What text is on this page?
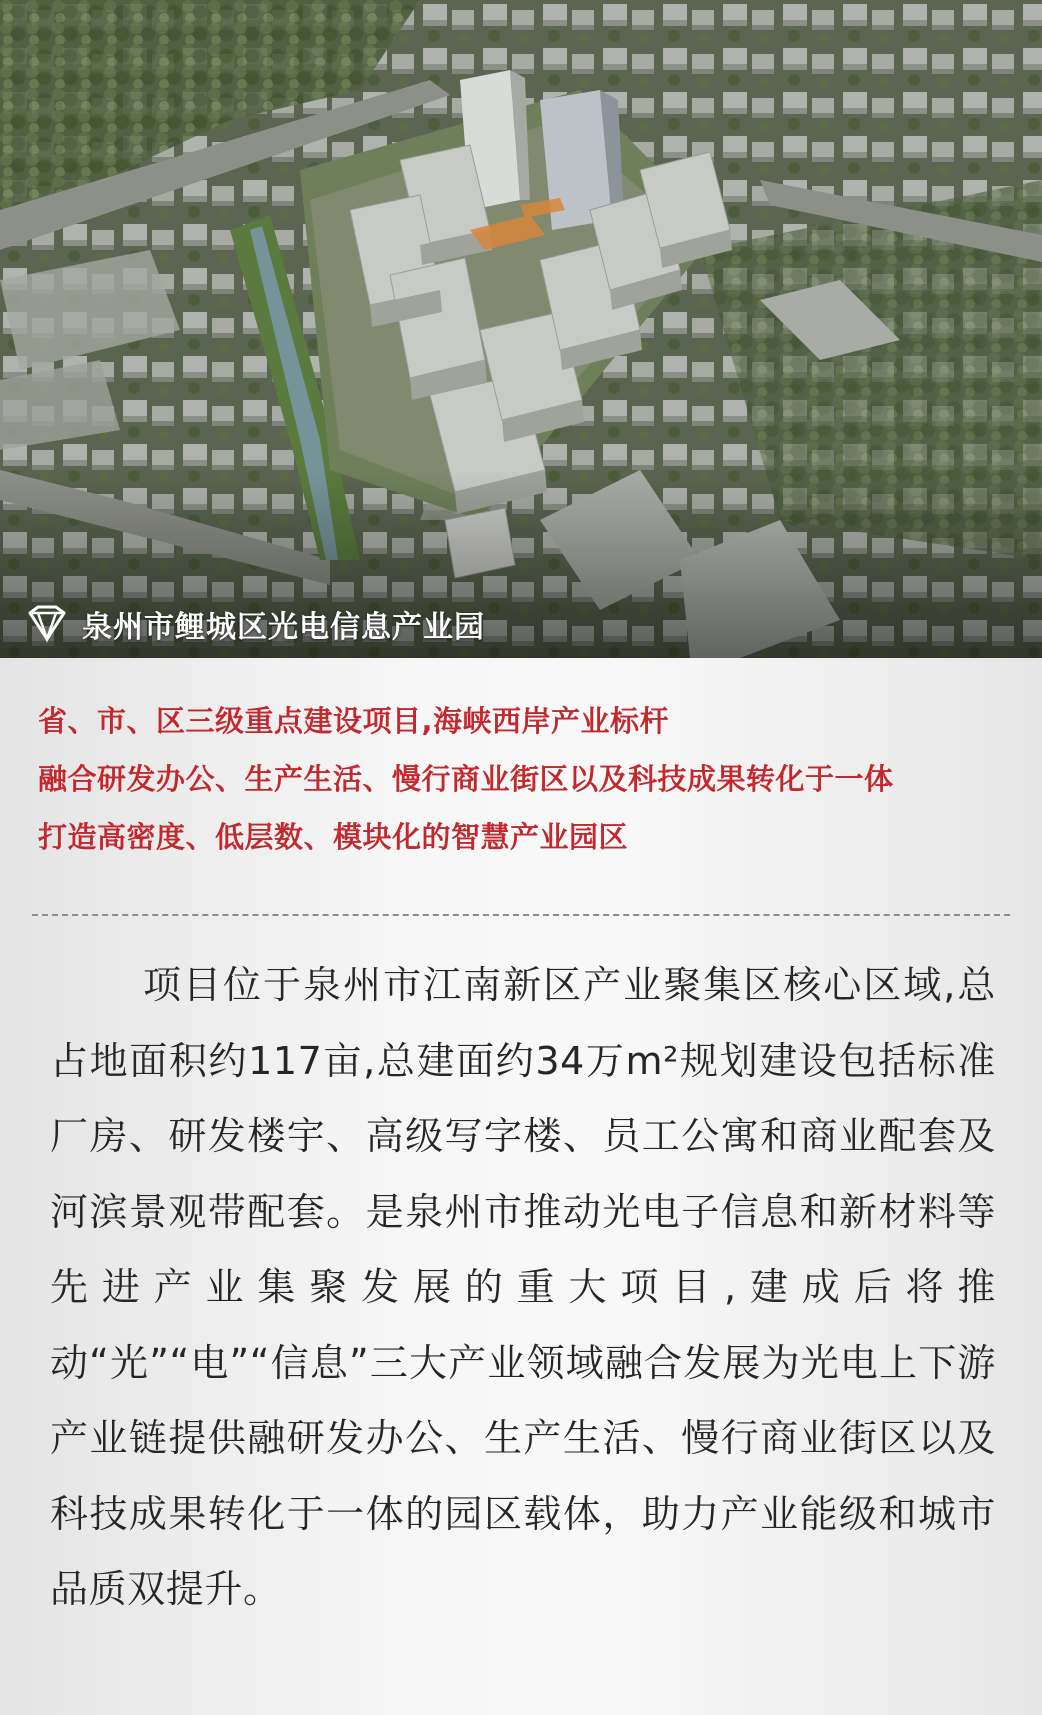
泉州市鲤城区光电信息产业园
省、市、区三级重点建设项目,海峡西岸产业标杆
融合研发办公、生产生活、慢行商业街区以及科技成果转化于一体
打造高密度、低层数、模块化的智慧产业园区

项目位于泉州市江南新区产业聚集区核心区域,总占地面积约117亩,总建面约34万m²规划建设包括标准厂房、研发楼宇、高级写字楼、员工公寓和商业配套及河滨景观带配套。是泉州市推动光电子信息和新材料等先进产业集聚发展的重大项目,建成后将推动“光”“电”“信息”三大产业领域融合发展为光电上下游产业链提供融研发办公、生产生活、慢行商业街区以及科技成果转化于一体的园区载体，助力产业能级和城市品质双提升。
